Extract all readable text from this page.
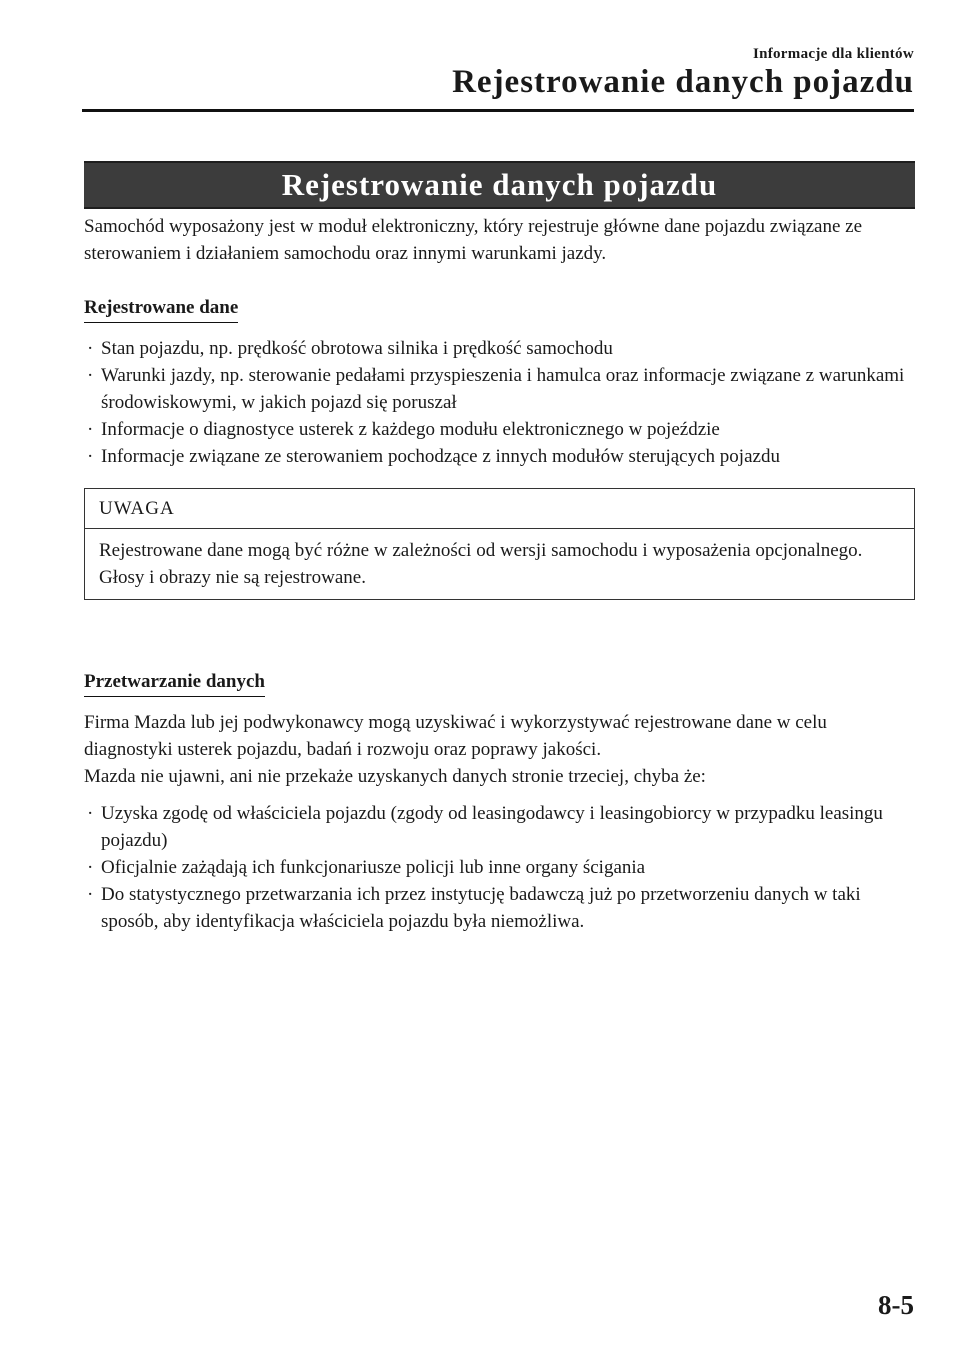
Informacje dla klientów
Rejestrowanie danych pojazdu
Rejestrowanie danych pojazdu

Samochód wyposażony jest w moduł elektroniczny, który rejestruje główne dane pojazdu związane ze sterowaniem i działaniem samochodu oraz innymi warunkami jazdy.

Rejestrowane dane
· Stan pojazdu, np. prędkość obrotowa silnika i prędkość samochodu
· Warunki jazdy, np. sterowanie pedałami przyspieszenia i hamulca oraz informacje związane z warunkami środowiskowymi, w jakich pojazd się poruszał
· Informacje o diagnostyce usterek z każdego modułu elektronicznego w pojeździe
· Informacje związane ze sterowaniem pochodzące z innych modułów sterujących pojazdu
UWAGA
Rejestrowane dane mogą być różne w zależności od wersji samochodu i wyposażenia opcjonalnego. Głosy i obrazy nie są rejestrowane.
Przetwarzanie danych

Firma Mazda lub jej podwykonawcy mogą uzyskiwać i wykorzystywać rejestrowane dane w celu diagnostyki usterek pojazdu, badań i rozwoju oraz poprawy jakości.

Mazda nie ujawni, ani nie przekaże uzyskanych danych stronie trzeciej, chyba że:

· Uzyska zgodę od właściciela pojazdu (zgody od leasingodawcy i leasingobiorcy w przypadku leasingu pojazdu)
· Oficjalnie zażądają ich funkcjonariusze policji lub inne organy ścigania
· Do statystycznego przetwarzania ich przez instytucję badawczą już po przetworzeniu danych w taki sposób, aby identyfikacja właściciela pojazdu była niemożliwa.
8-5
